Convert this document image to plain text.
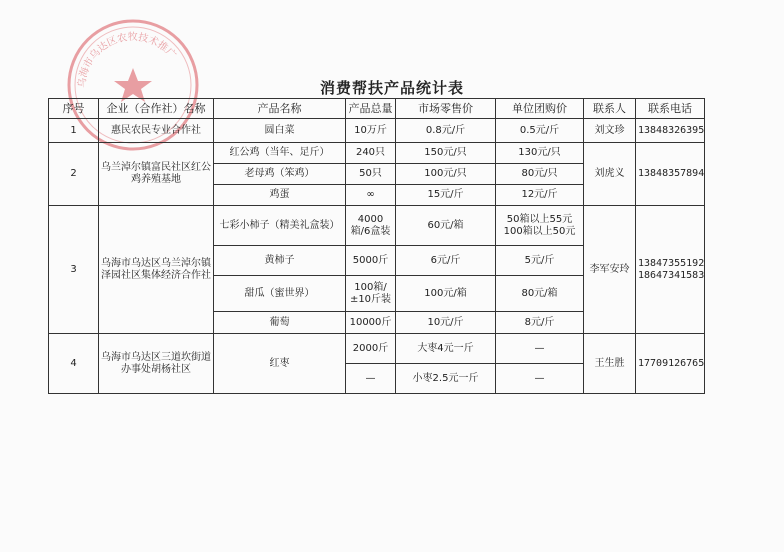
乌海市乌达区农牧技术推广
消费帮扶产品统计表
序号	企业（合作社）名称	产品名称	产品总量	市场零售价	单位团购价	联系人	联系电话
1	惠民农民专业合作社	圆白菜	10万斤	0.8元/斤	0.5元/斤	刘文珍	13848326395
2	乌兰淖尔镇富民社区红公鸡养殖基地	红公鸡（当年、足斤）	240只	150元/只	130元/只	刘虎义	13848357894
		老母鸡（笨鸡）	50只	100元/只	80元/只		
		鸡蛋	∞	15元/斤	12元/斤		
3	乌海市乌达区乌兰淖尔镇泽园社区集体经济合作社	七彩小柿子（精美礼盒装）	4000箱/6盒装	60元/箱	50箱以上55元 100箱以上50元	李军安玲	13847355192 18647341583
		黄柿子	5000斤	6元/斤	5元/斤		
		甜瓜（蜜世界）	100箱/±10斤装	100元/箱	80元/箱		
		葡萄	10000斤	10元/斤	8元/斤		
4	乌海市乌达区三道坎街道办事处胡杨社区	红枣	2000斤	大枣4元一斤	—	王生胜	17709126765
			—	小枣2.5元一斤	—		
